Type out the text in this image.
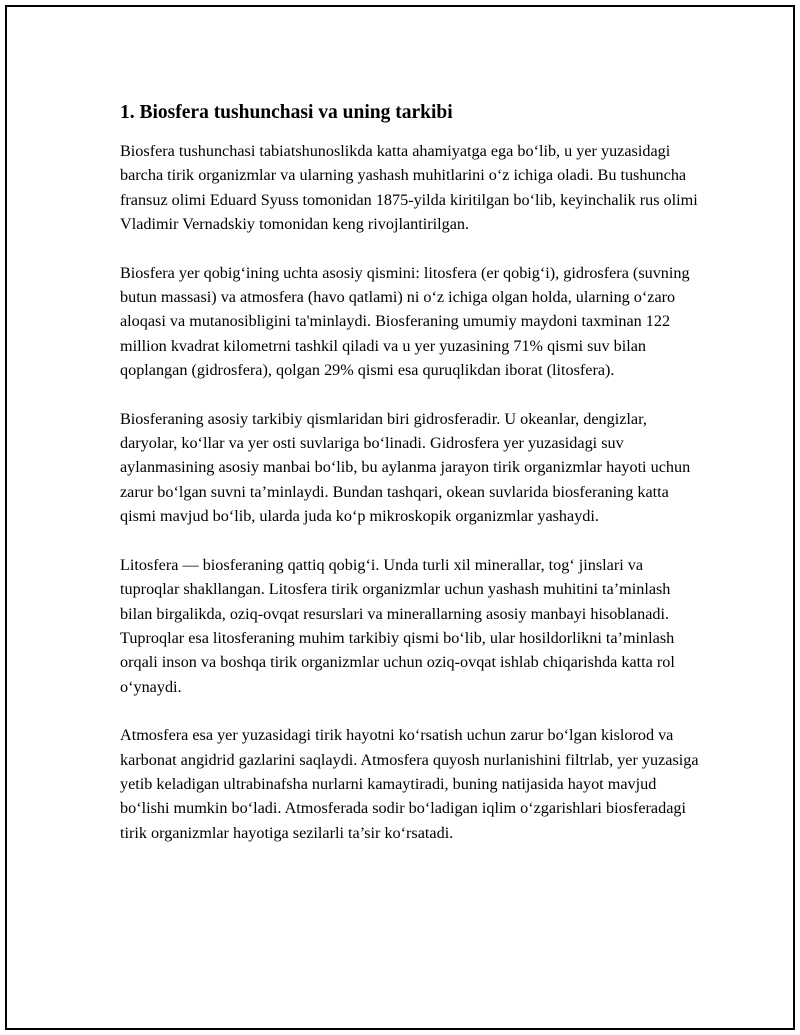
1. Biosfera tushunchasi va uning tarkibi

Biosfera tushunchasi tabiatshunoslikda katta ahamiyatga ega bo‘lib, u yer yuzasidagi barcha tirik organizmlar va ularning yashash muhitlarini o‘z ichiga oladi. Bu tushuncha fransuz olimi Eduard Syuss tomonidan 1875-yilda kiritilgan bo‘lib, keyinchalik rus olimi Vladimir Vernadskiy tomonidan keng rivojlantirilgan.

Biosfera yer qobig‘ining uchta asosiy qismini: litosfera (er qobig‘i), gidrosfera (suvning butun massasi) va atmosfera (havo qatlami) ni o‘z ichiga olgan holda, ularning o‘zaro aloqasi va mutanosibligini ta'minlaydi. Biosferaning umumiy maydoni taxminan 122 million kvadrat kilometrni tashkil qiladi va u yer yuzasining 71% qismi suv bilan qoplangan (gidrosfera), qolgan 29% qismi esa quruqlikdan iborat (litosfera).

Biosferaning asosiy tarkibiy qismlaridan biri gidrosferadir. U okeanlar, dengizlar, daryolar, ko‘llar va yer osti suvlariga bo‘linadi. Gidrosfera yer yuzasidagi suv aylanmasining asosiy manbai bo‘lib, bu aylanma jarayon tirik organizmlar hayoti uchun zarur bo‘lgan suvni ta’minlaydi. Bundan tashqari, okean suvlarida biosferaning katta qismi mavjud bo‘lib, ularda juda ko‘p mikroskopik organizmlar yashaydi.

Litosfera — biosferaning qattiq qobig‘i. Unda turli xil minerallar, tog‘ jinslari va tuproqlar shakllangan. Litosfera tirik organizmlar uchun yashash muhitini ta’minlash bilan birgalikda, oziq-ovqat resurslari va minerallarning asosiy manbayi hisoblanadi. Tuproqlar esa litosferaning muhim tarkibiy qismi bo‘lib, ular hosildorlikni ta’minlash orqali inson va boshqa tirik organizmlar uchun oziq-ovqat ishlab chiqarishda katta rol o‘ynaydi.

Atmosfera esa yer yuzasidagi tirik hayotni ko‘rsatish uchun zarur bo‘lgan kislorod va karbonat angidrid gazlarini saqlaydi. Atmosfera quyosh nurlanishini filtrlab, yer yuzasiga yetib keladigan ultrabinafsha nurlarni kamaytiradi, buning natijasida hayot mavjud bo‘lishi mumkin bo‘ladi. Atmosferada sodir bo‘ladigan iqlim o‘zgarishlari biosferadagi tirik organizmlar hayotiga sezilarli ta’sir ko‘rsatadi.
